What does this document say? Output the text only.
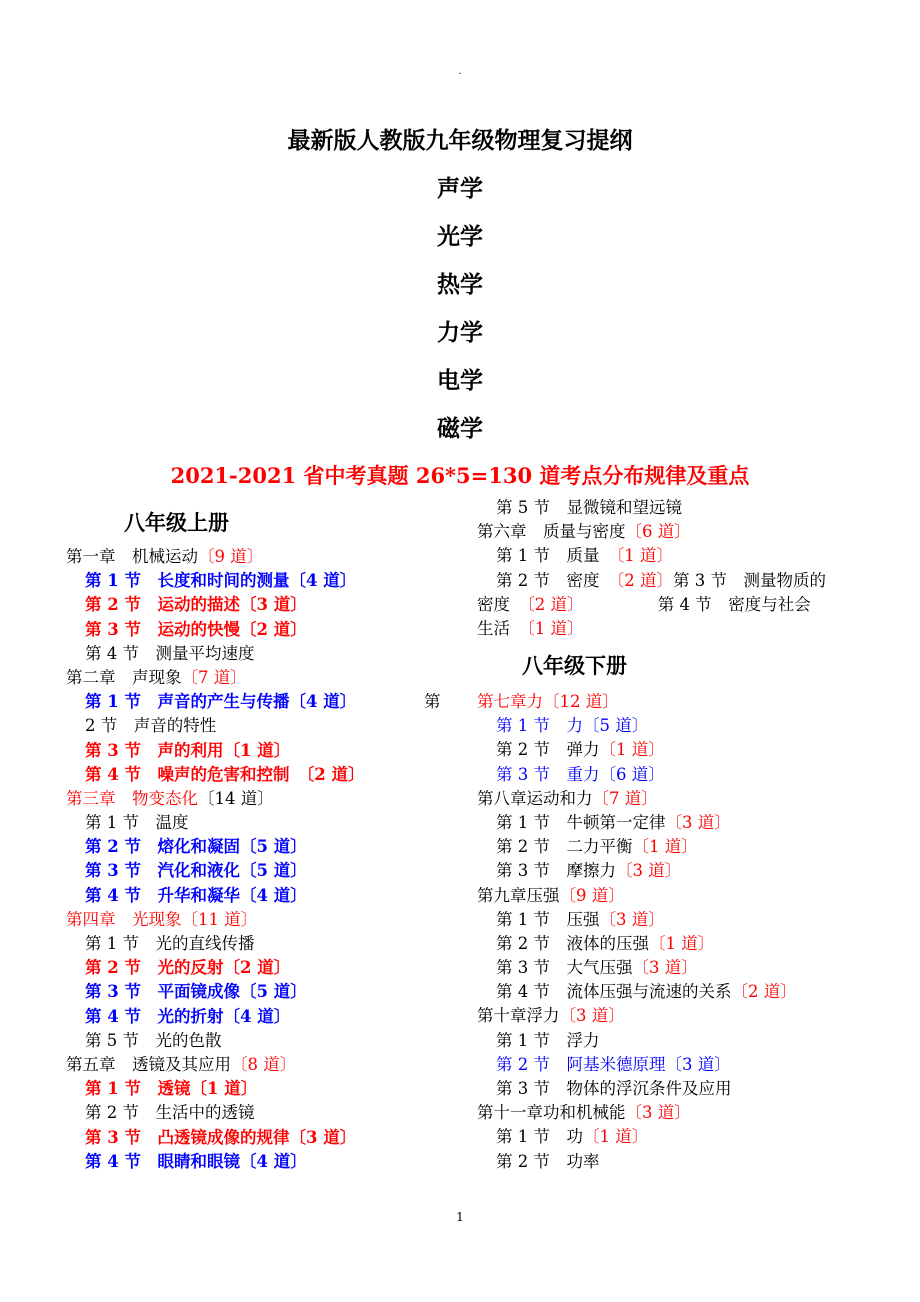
.
最新版人教版九年级物理复习提纲
声学
光学
热学
力学
电学
磁学
2021-2021 省中考真题 26*5=130 道考点分布规律及重点
八年级上册
第一章　机械运动〔9 道〕
第 1 节　长度和时间的测量〔4 道〕
第 2 节　运动的描述〔3 道〕
第 3 节　运动的快慢〔2 道〕
第 4 节　测量平均速度
第二章　声现象〔7 道〕
第 1 节　声音的产生与传播〔4 道〕
2 节　声音的特性
第 3 节　声的利用〔1 道〕
第 4 节　噪声的危害和控制　〔2 道〕
第三章　物变态化〔14 道〕
第 1 节　温度
第 2 节　熔化和凝固〔5 道〕
第 3 节　汽化和液化〔5 道〕
第 4 节　升华和凝华〔4 道〕
第四章　光现象〔11 道〕
第 1 节　光的直线传播
第 2 节　光的反射〔2 道〕
第 3 节　平面镜成像〔5 道〕
第 4 节　光的折射〔4 道〕
第 5 节　光的色散
第五章　透镜及其应用〔8 道〕
第 1 节　透镜〔1 道〕
第 2 节　生活中的透镜
第 3 节　凸透镜成像的规律〔3 道〕
第 4 节　眼睛和眼镜〔4 道〕
第 5 节　显微镜和望远镜
第六章　质量与密度〔6 道〕
第 1 节　质量　〔1 道〕
第 2 节　密度　〔2 道〕第 3 节　测量物质的
密度　〔2 道〕　　　　　第 4 节　密度与社会
生活　〔1 道〕
八年级下册
第 第七章力〔12 道〕
第 1 节　力〔5 道〕
第 2 节　弹力〔1 道〕
第 3 节　重力〔6 道〕
第八章运动和力〔7 道〕
第 1 节　牛顿第一定律〔3 道〕
第 2 节　二力平衡〔1 道〕
第 3 节　摩擦力〔3 道〕
第九章压强〔9 道〕
第 1 节　压强〔3 道〕
第 2 节　液体的压强〔1 道〕
第 3 节　大气压强〔3 道〕
第 4 节　流体压强与流速的关系〔2 道〕
第十章浮力〔3 道〕
第 1 节　浮力
第 2 节　阿基米德原理〔3 道〕
第 3 节　物体的浮沉条件及应用
第十一章功和机械能〔3 道〕
第 1 节　功〔1 道〕
第 2 节　功率
1
